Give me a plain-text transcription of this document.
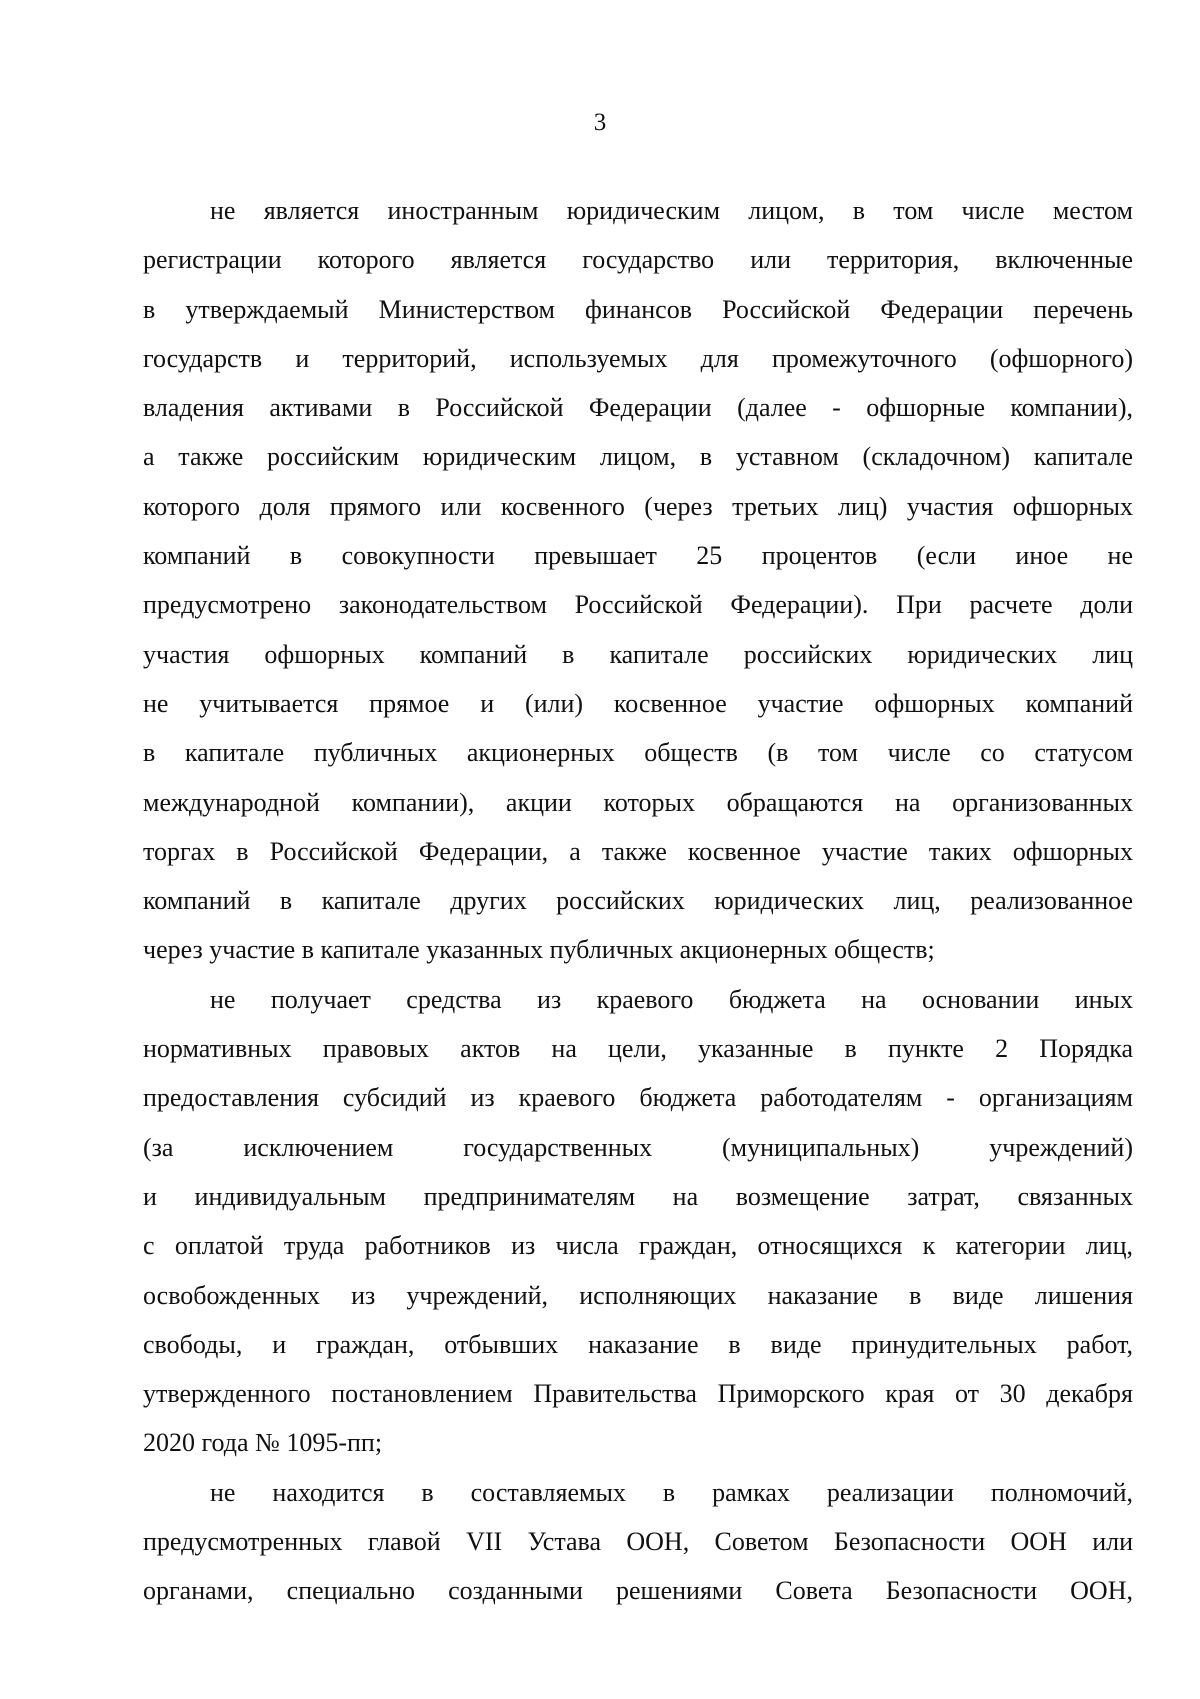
3
не является иностранным юридическим лицом, в том числе местом
регистрации которого является государство или территория, включенные
в утверждаемый Министерством финансов Российской Федерации перечень
государств и территорий, используемых для промежуточного (офшорного)
владения активами в Российской Федерации (далее - офшорные компании),
а также российским юридическим лицом, в уставном (складочном) капитале
которого доля прямого или косвенного (через третьих лиц) участия офшорных
компаний в совокупности превышает 25 процентов (если иное не
предусмотрено законодательством Российской Федерации). При расчете доли
участия офшорных компаний в капитале российских юридических лиц
не учитывается прямое и (или) косвенное участие офшорных компаний
в капитале публичных акционерных обществ (в том числе со статусом
международной компании), акции которых обращаются на организованных
торгах в Российской Федерации, а также косвенное участие таких офшорных
компаний в капитале других российских юридических лиц, реализованное
через участие в капитале указанных публичных акционерных обществ;
не получает средства из краевого бюджета на основании иных
нормативных правовых актов на цели, указанные в пункте 2 Порядка
предоставления субсидий из краевого бюджета работодателям - организациям
(за исключением государственных (муниципальных) учреждений)
и индивидуальным предпринимателям на возмещение затрат, связанных
с оплатой труда работников из числа граждан, относящихся к категории лиц,
освобожденных из учреждений, исполняющих наказание в виде лишения
свободы, и граждан, отбывших наказание в виде принудительных работ,
утвержденного постановлением Правительства Приморского края от 30 декабря
2020 года № 1095-пп;
не находится в составляемых в рамках реализации полномочий,
предусмотренных главой VII Устава ООН, Советом Безопасности ООН или
органами, специально созданными решениями Совета Безопасности ООН,
